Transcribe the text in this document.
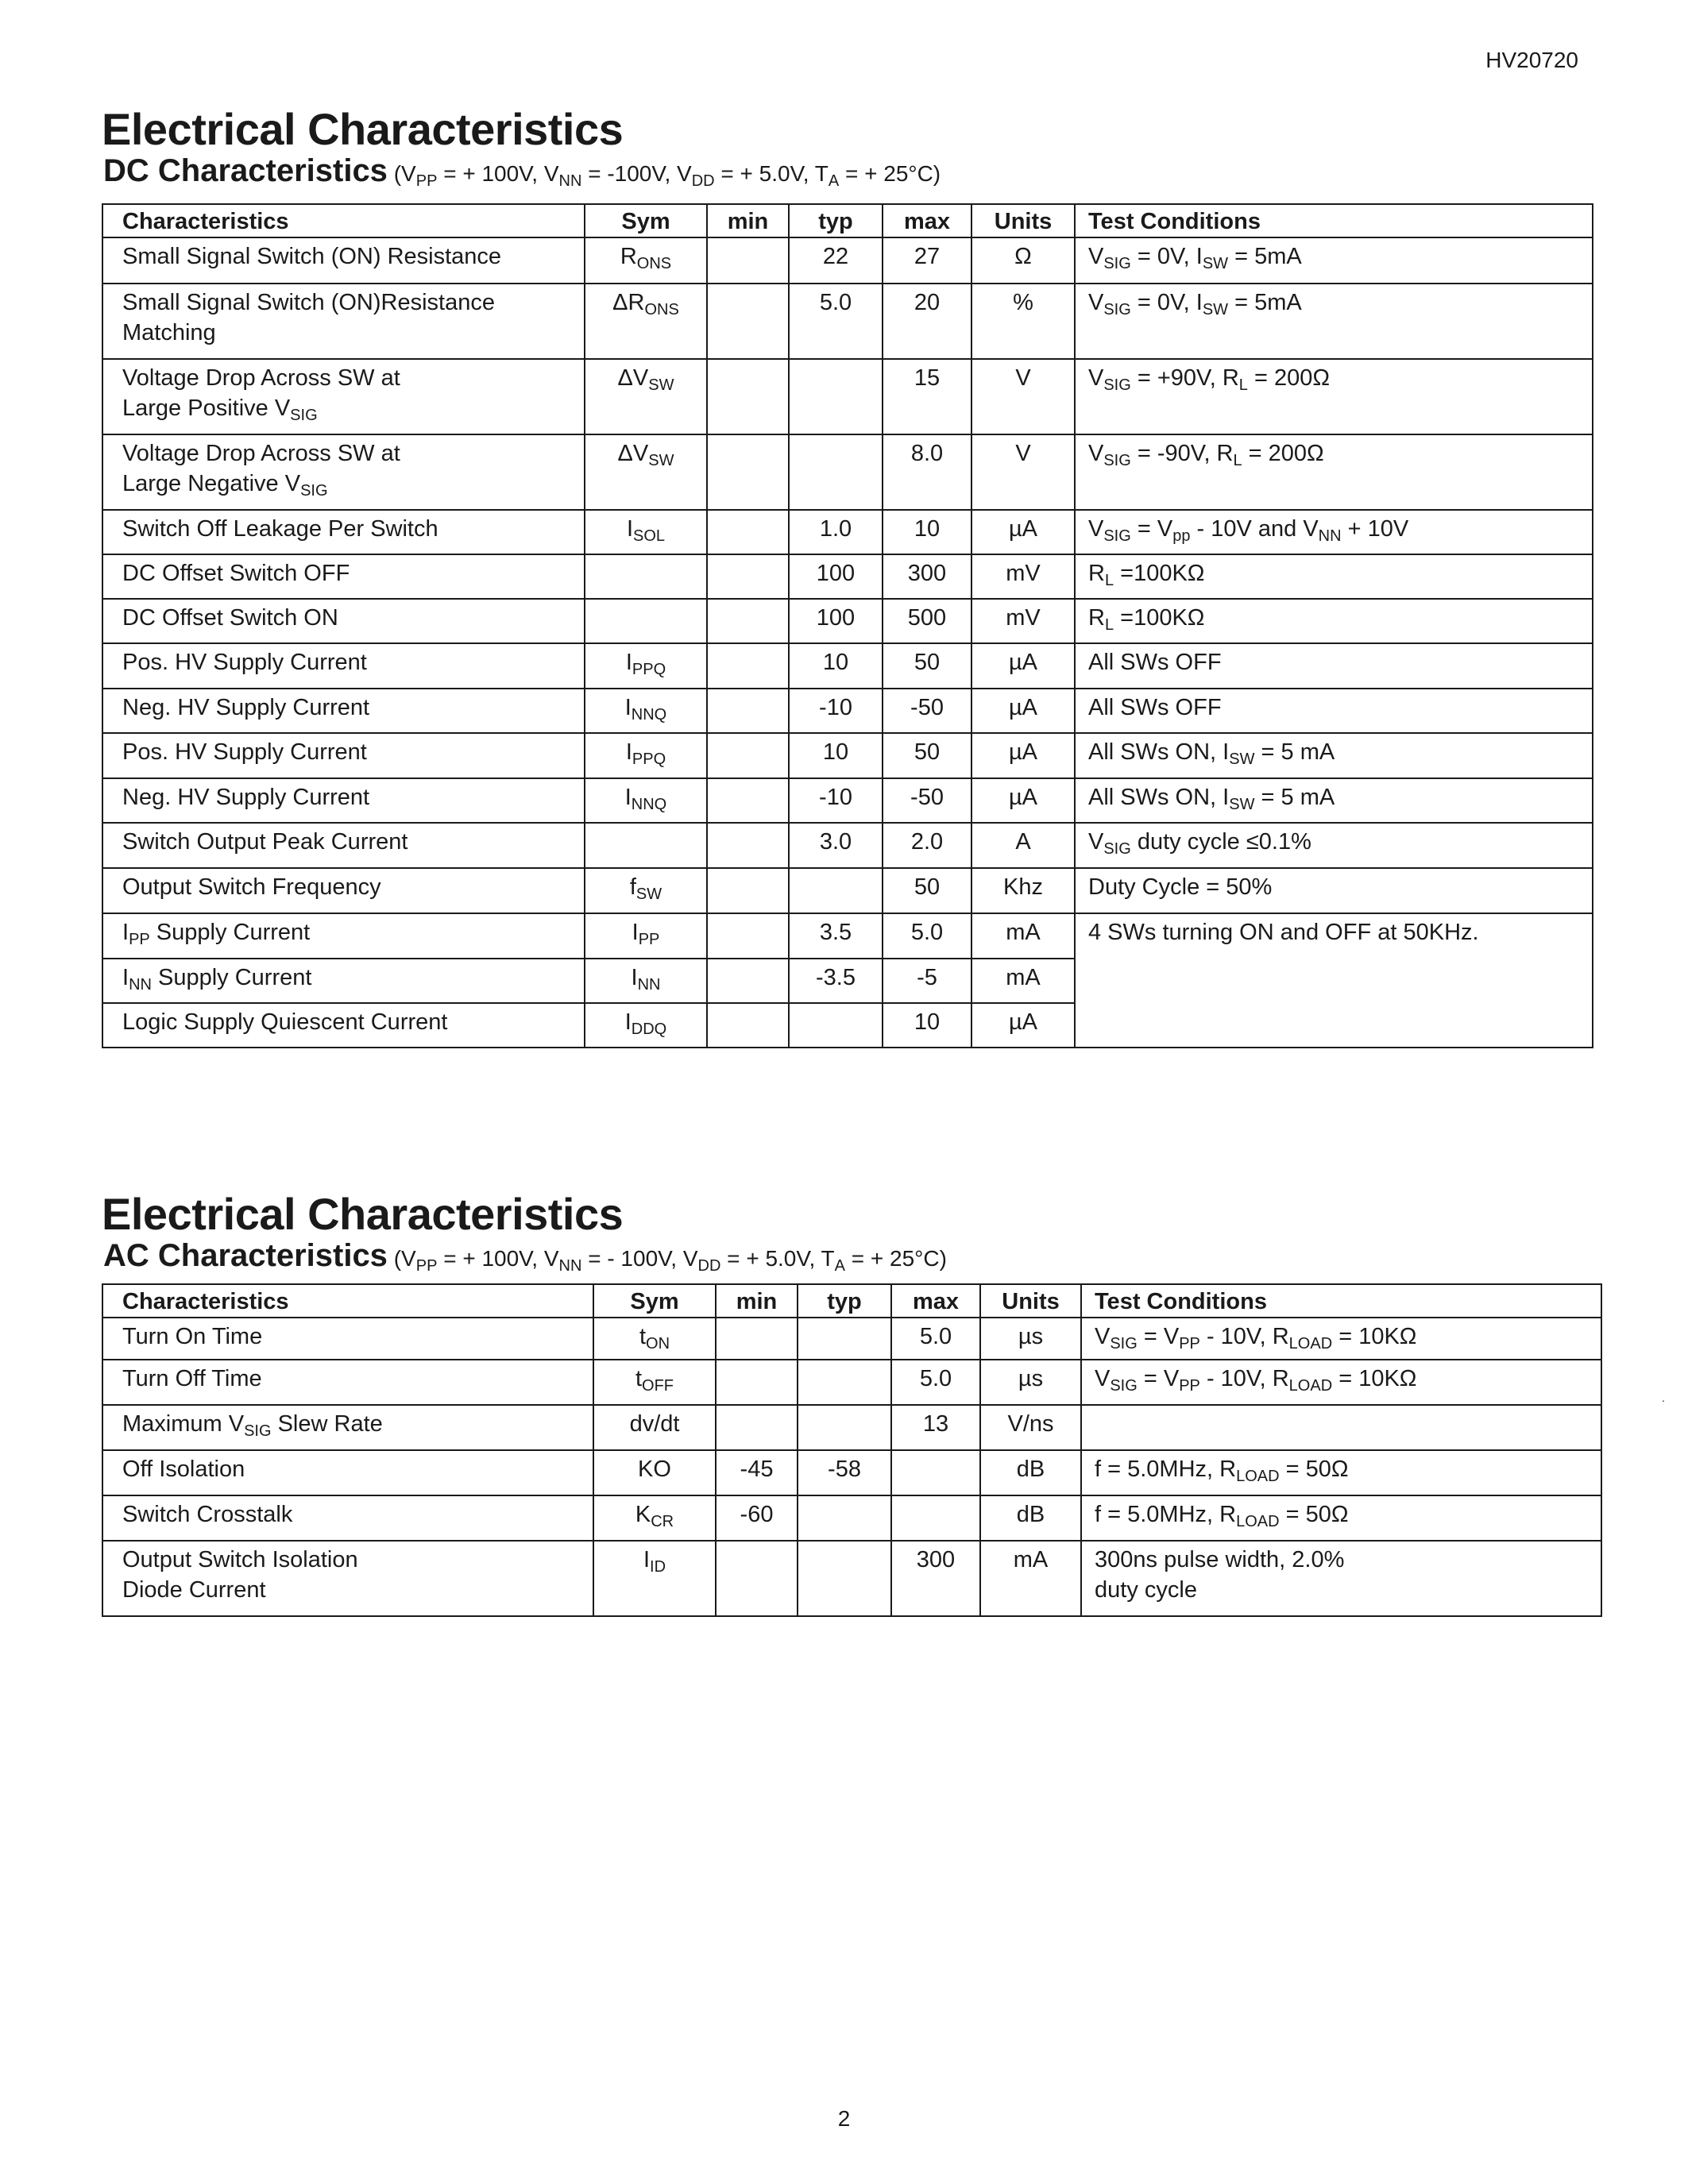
HV20720
Electrical Characteristics
DC Characteristics ($V_{PP}$ = + 100V, $V_{NN} = -100V$, $V_{DD}$ = + 5.0V, $T_A$ = + 25°C)
Characteristics	Sym	min	typ	max	Units	Test Conditions
Small Signal Switch (ON) Resistance	$R_{ONS}$		22	27	Ω	$V_{SIG} = 0V$, $I_{SW} = 5mA$
Small Signal Switch (ON)Resistance
Matching	$\Delta R_{ONS}$		5.0	20	%	$V_{SIG} = 0V$, $I_{SW} = 5mA$
Voltage Drop Across SW at
Large Positive $V_{SIG}$	$\Delta V_{SW}$			15	V	$V_{SIG} = +90V$, $R_L = 200\Omega$
Voltage Drop Across SW at
Large Negative $V_{SIG}$	$\Delta V_{SW}$			8.0	V	$V_{SIG} = -90V$, $R_L = 200\Omega$
Switch Off Leakage Per Switch	$I_{SOL}$		1.0	10	µA	$V_{SIG} = V_{pp} - 10V$ and $V_{NN} + 10V$
DC Offset Switch OFF			100	300	mV	$R_L =100K\Omega$
DC Offset Switch ON			100	500	mV	$R_L =100K\Omega$
Pos. HV Supply Current	$I_{PPQ}$		10	50	µA	All SWs OFF
Neg. HV Supply Current	$I_{NNQ}$		-10	-50	µA	All SWs OFF
Pos. HV Supply Current	$I_{PPQ}$		10	50	µA	All SWs ON, $I_{SW} = 5$ mA
Neg. HV Supply Current	$I_{NNQ}$		-10	-50	µA	All SWs ON, $I_{SW} = 5$ mA
Switch Output Peak Current			3.0	2.0	A	$V_{SIG}$ duty cycle ≤0.1%
Output Switch Frequency	$f_{SW}$			50	Khz	Duty Cycle = 50%
$I_{PP}$ Supply Current	$I_{PP}$		3.5	5.0	mA	4 SWs turning ON and OFF at 50KHz.
$I_{NN}$ Supply Current	$I_{NN}$		-3.5	-5	mA	
Logic Supply Quiescent Current	$I_{DDQ}$			10	µA	
Electrical Characteristics
AC Characteristics ($V_{PP}$ = + 100V, $V_{NN}$ = - 100V, $V_{DD}$ = + 5.0V, $T_A$ = + 25°C)
Characteristics	Sym	min	typ	max	Units	Test Conditions
Turn On Time	$t_{ON}$			5.0	µs	$V_{SIG} = V_{PP} - 10V$, $R_{LOAD} = 10K\Omega$
Turn Off Time	$t_{OFF}$			5.0	µs	$V_{SIG} = V_{PP} - 10V$, $R_{LOAD} = 10K\Omega$
Maximum $V_{SIG}$ Slew Rate	dv/dt			13	V/ns	
Off Isolation	KO	-45	-58		dB	f = 5.0MHz, $R_{LOAD} = 50\Omega$
Switch Crosstalk	$K_{CR}$	-60			dB	f = 5.0MHz, $R_{LOAD} = 50\Omega$
Output Switch Isolation
Diode Current	$I_{ID}$			300	mA	300ns pulse width, 2.0%
duty cycle
.
2
